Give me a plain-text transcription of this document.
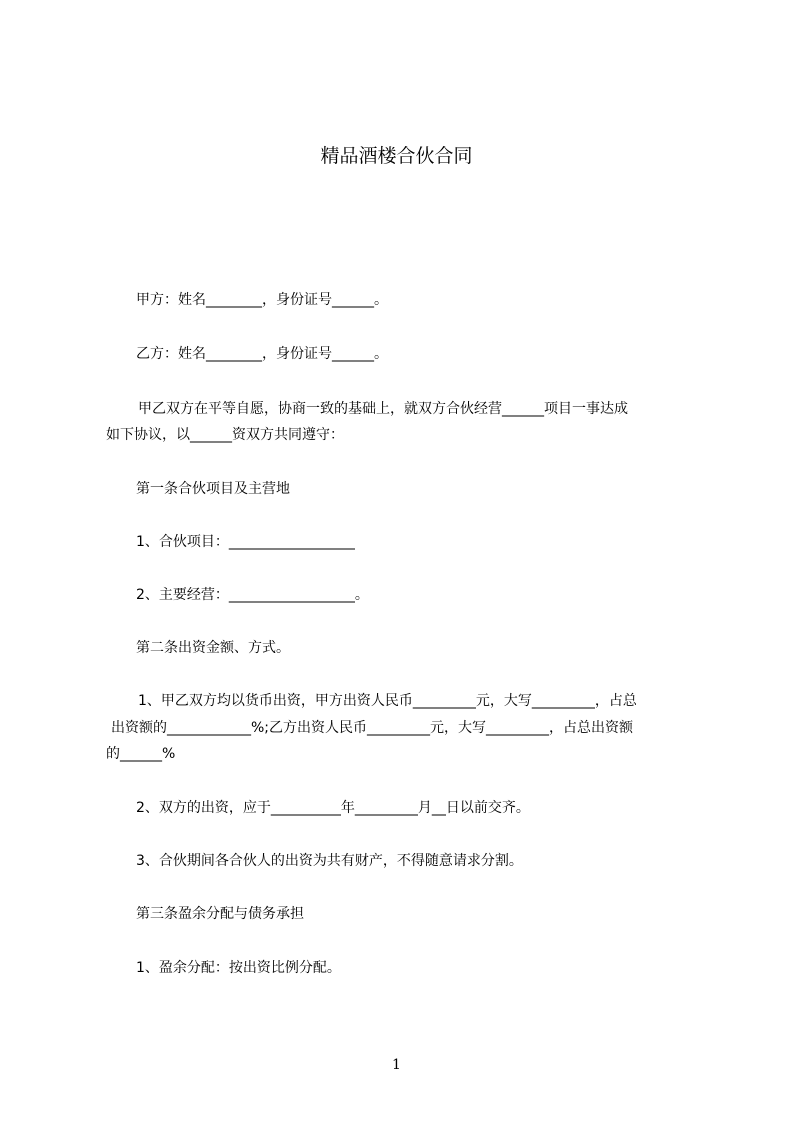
精品酒楼合伙合同
甲方：姓名________，身份证号______。
乙方：姓名________，身份证号______。
甲乙双方在平等自愿，协商一致的基础上，就双方合伙经营______项目一事达成
如下协议，以______资双方共同遵守：
第一条合伙项目及主营地
1、合伙项目：__________________
2、主要经营：__________________。
第二条出资金额、方式。
1、甲乙双方均以货币出资，甲方出资人民币_________元，大写_________，占总
出资额的____________%;乙方出资人民币_________元，大写_________，占总出资额
的______%
2、双方的出资，应于__________年_________月__日以前交齐。
3、合伙期间各合伙人的出资为共有财产，不得随意请求分割。
第三条盈余分配与债务承担
1、盈余分配：按出资比例分配。
1
